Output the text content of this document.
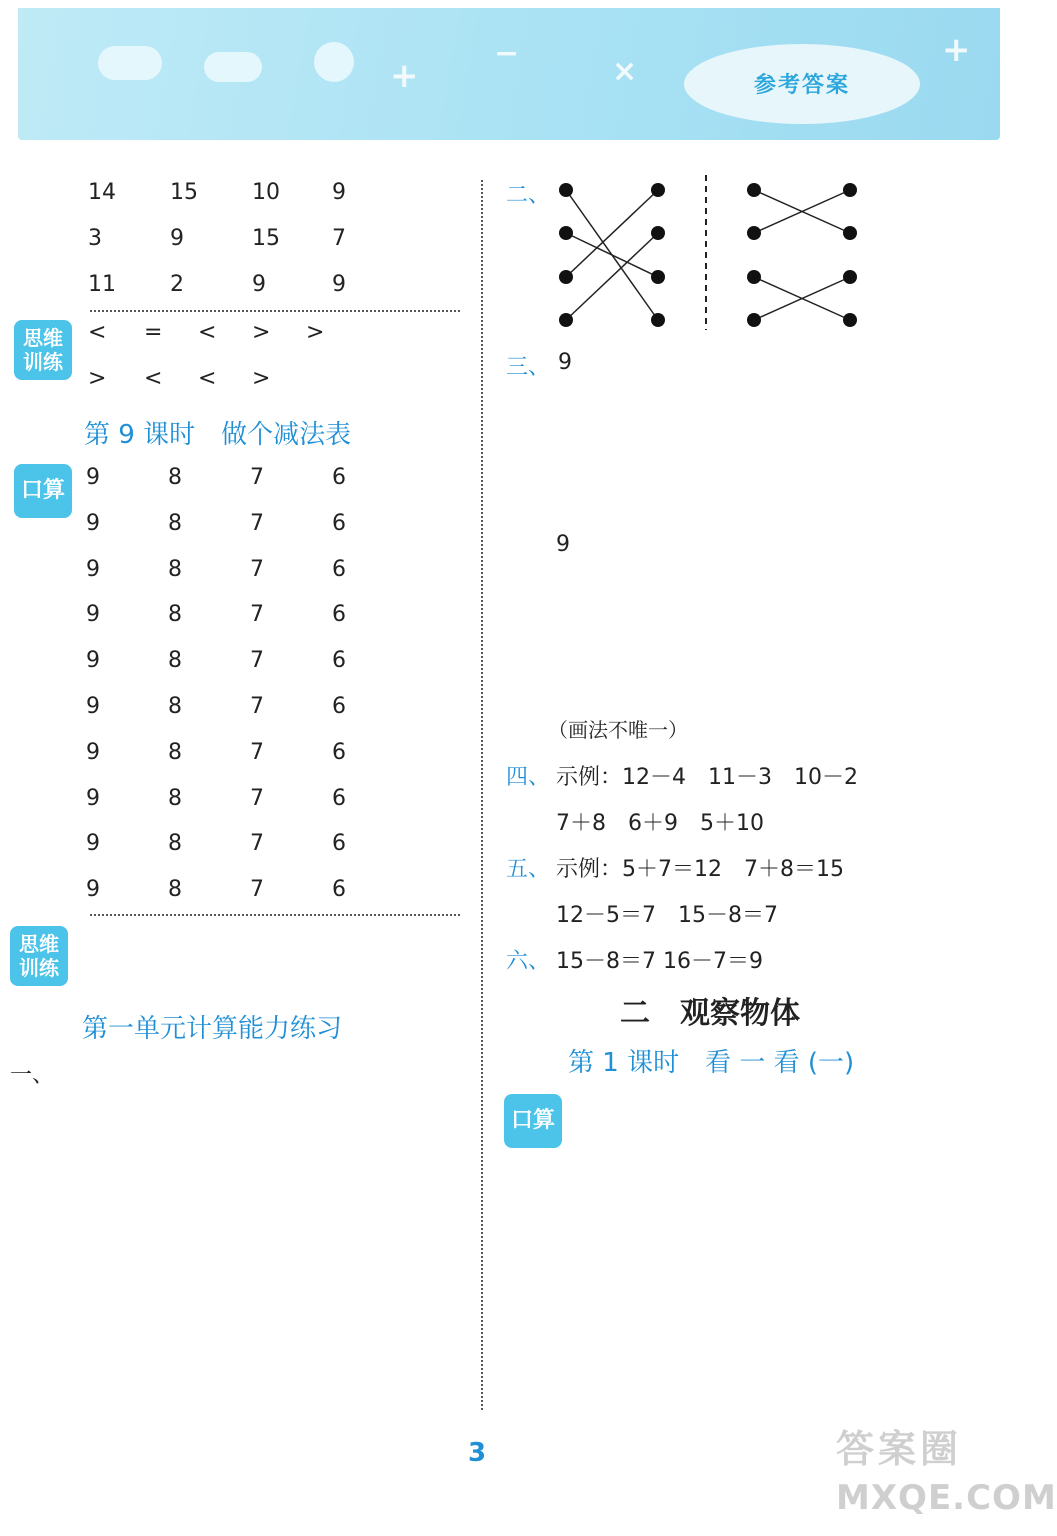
+
−
×
+
参考答案
14 15 10 9
3	9	15 7
11 2	9	9
思维训练
< = < > >
> < < >
第 9 课时　做个减法表
口算
9	8	7	6
9	8	7	6
9	8	7	6
9	8	7	6
9	8	7	6
9	8	7	6
9	8	7	6
9	8	7	6
9	8	7	6
9	8	7	6
思维训练
第一单元计算能力练习
一、
二、
三、 9
9
（画法不唯一）
四、 示例：12－4　11－3　10－2
7＋8　6＋9　5＋10
五、 示例：5＋7＝12　7＋8＝15
12－5＝7　15－8＝7
六、 15－8＝7 16－7＝9
二　观察物体
第 1 课时　看 一 看 (一)
口算
3	答案圈
MXQE.COM
